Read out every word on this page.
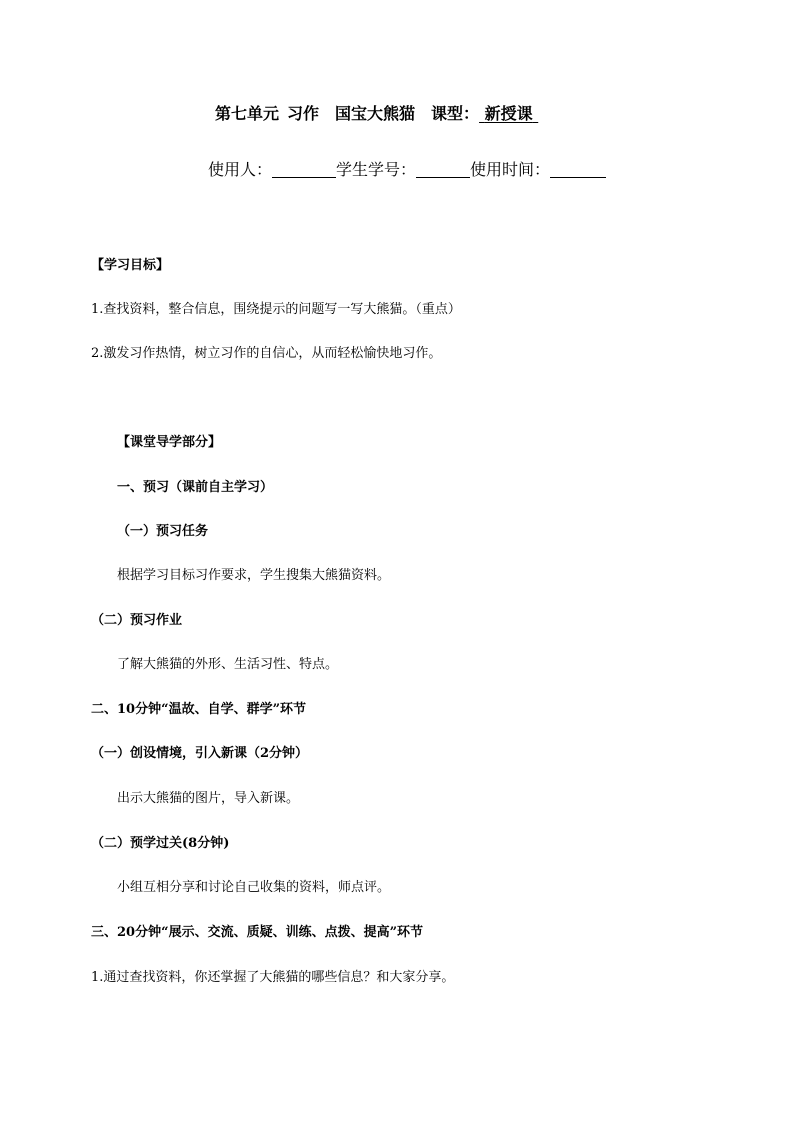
第七单元 习作 国宝大熊猫 课型： 新授课
使用人：	学生学号：	使用时间：
【学习目标】
1.查找资料，整合信息，围绕提示的问题写一写大熊猫。（重点）
2.激发习作热情，树立习作的自信心，从而轻松愉快地习作。
【课堂导学部分】
一、预习（课前自主学习）
（一）预习任务
根据学习目标习作要求，学生搜集大熊猫资料。
（二）预习作业
了解大熊猫的外形、生活习性、特点。
二、10分钟“温故、自学、群学”环节
（一）创设情境，引入新课（2分钟）
出示大熊猫的图片，导入新课。
（二）预学过关(8分钟)
小组互相分享和讨论自己收集的资料，师点评。
三、20分钟“展示、交流、质疑、训练、点拨、提高”环节
1.通过查找资料，你还掌握了大熊猫的哪些信息？和大家分享。
